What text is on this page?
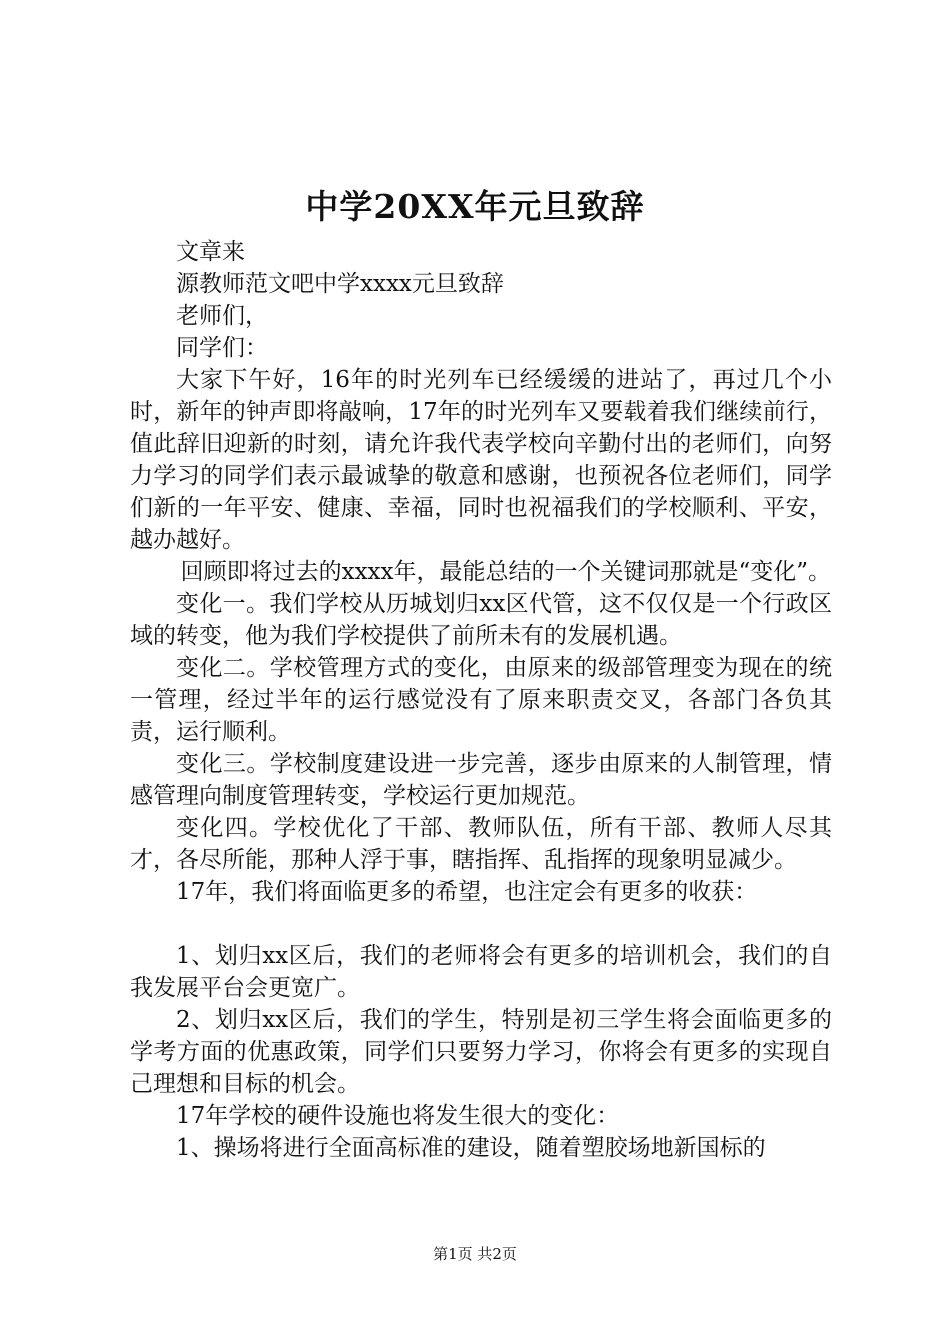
中学20XX年元旦致辞

文章来

源教师范文吧中学xxxx元旦致辞

老师们，

同学们：

大家下午好，16年的时光列车已经缓缓的进站了，再过几个小时，新年的钟声即将敲响，17年的时光列车又要载着我们继续前行，值此辞旧迎新的时刻，请允许我代表学校向辛勤付出的老师们，向努力学习的同学们表示最诚挚的敬意和感谢，也预祝各位老师们，同学们新的一年平安、健康、幸福，同时也祝福我们的学校顺利、平安，越办越好。

回顾即将过去的xxxx年，最能总结的一个关键词那就是“变化”。

变化一。我们学校从历城划归xx区代管，这不仅仅是一个行政区域的转变，他为我们学校提供了前所未有的发展机遇。

变化二。学校管理方式的变化，由原来的级部管理变为现在的统一管理，经过半年的运行感觉没有了原来职责交叉，各部门各负其责，运行顺利。

变化三。学校制度建设进一步完善，逐步由原来的人制管理，情感管理向制度管理转变，学校运行更加规范。

变化四。学校优化了干部、教师队伍，所有干部、教师人尽其才，各尽所能，那种人浮于事，瞎指挥、乱指挥的现象明显减少。

17年，我们将面临更多的希望，也注定会有更多的收获：

1、划归xx区后，我们的老师将会有更多的培训机会，我们的自我发展平台会更宽广。

2、划归xx区后，我们的学生，特别是初三学生将会面临更多的学考方面的优惠政策，同学们只要努力学习，你将会有更多的实现自己理想和目标的机会。

17年学校的硬件设施也将发生很大的变化：

1、操场将进行全面高标准的建设，随着塑胶场地新国标的

第1页 共2页
